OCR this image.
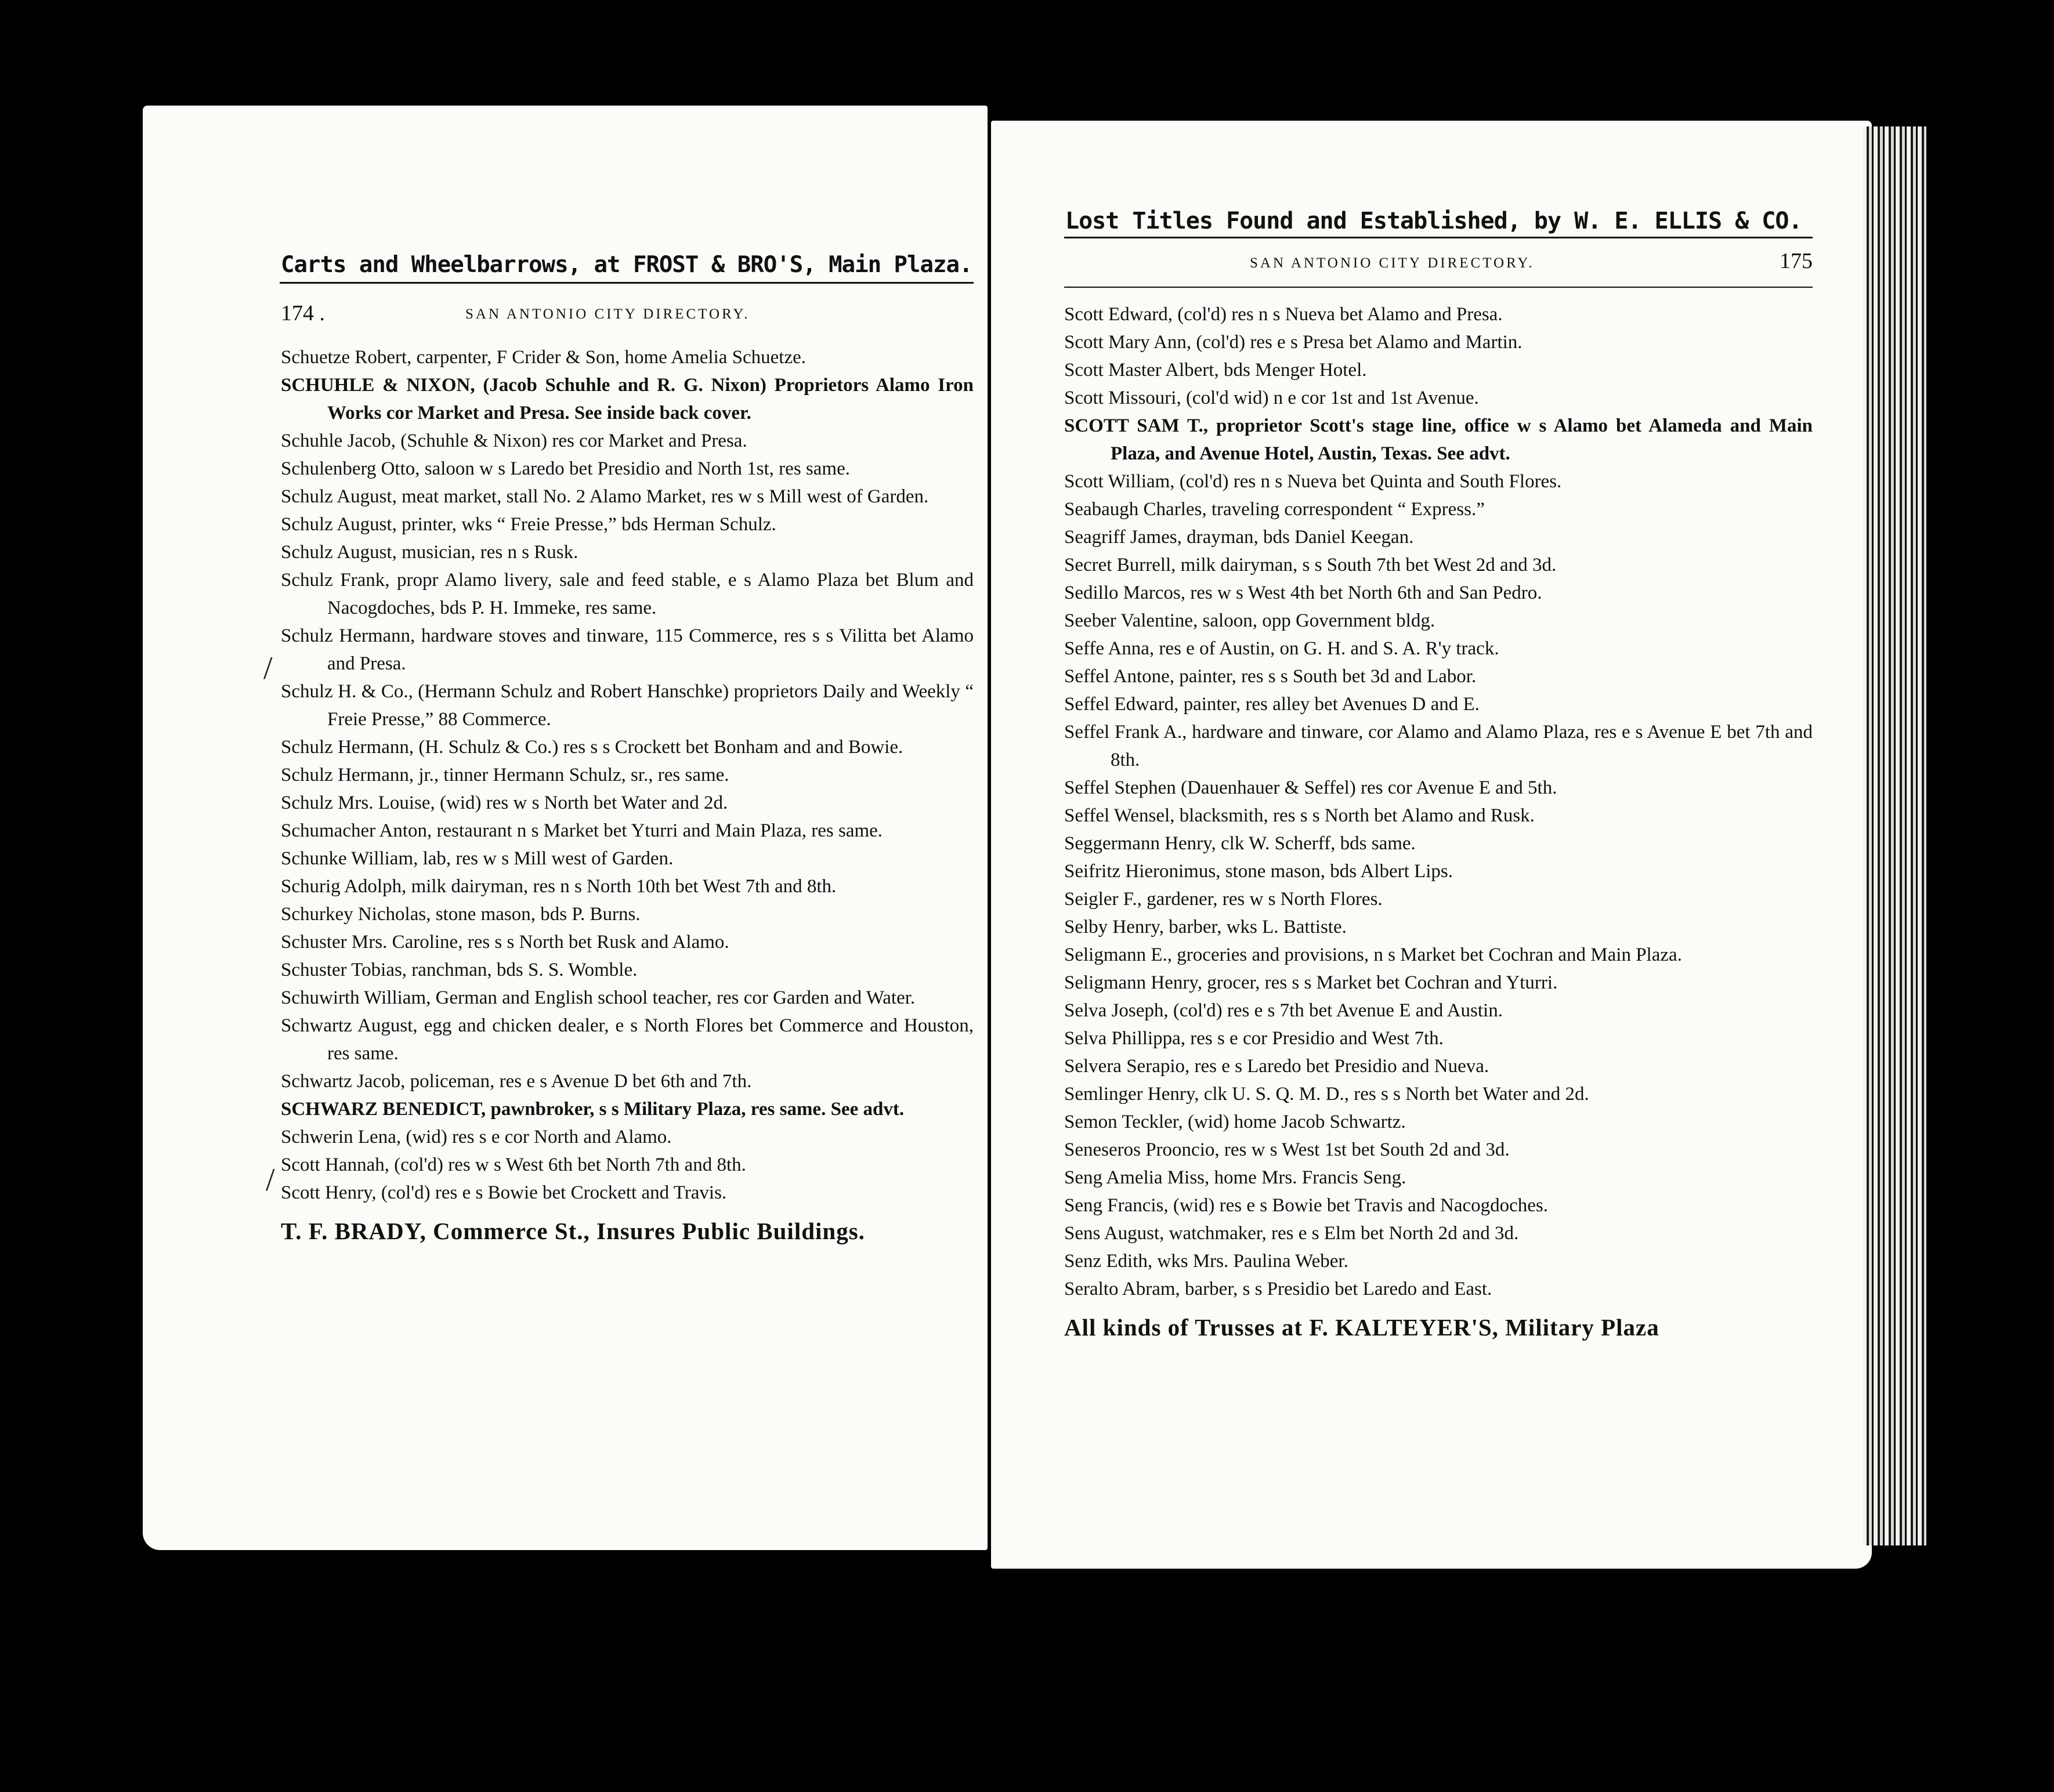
Carts and Wheelbarrows, at FROST & BRO'S, Main Plaza.
174 .	SAN ANTONIO CITY DIRECTORY.
Schuetze Robert, carpenter, F Crider & Son, home Amelia Schuetze.
SCHUHLE & NIXON, (Jacob Schuhle and R. G. Nixon) Proprietors Alamo Iron Works cor Market and Presa. See inside back cover.
Schuhle Jacob, (Schuhle & Nixon) res cor Market and Presa.
Schulenberg Otto, saloon w s Laredo bet Presidio and North 1st, res same.
Schulz August, meat market, stall No. 2 Alamo Market, res w s Mill west of Garden.
Schulz August, printer, wks “ Freie Presse,” bds Herman Schulz.
Schulz August, musician, res n s Rusk.
Schulz Frank, propr Alamo livery, sale and feed stable, e s Alamo Plaza bet Blum and Nacogdoches, bds P. H. Immeke, res same.
Schulz Hermann, hardware stoves and tinware, 115 Commerce, res s s Vilitta bet Alamo and Presa.
Schulz H. & Co., (Hermann Schulz and Robert Hanschke) proprietors Daily and Weekly “ Freie Presse,” 88 Commerce.
Schulz Hermann, (H. Schulz & Co.) res s s Crockett bet Bonham and and Bowie.
Schulz Hermann, jr., tinner Hermann Schulz, sr., res same.
Schulz Mrs. Louise, (wid) res w s North bet Water and 2d.
Schumacher Anton, restaurant n s Market bet Yturri and Main Plaza, res same.
Schunke William, lab, res w s Mill west of Garden.
Schurig Adolph, milk dairyman, res n s North 10th bet West 7th and 8th.
Schurkey Nicholas, stone mason, bds P. Burns.
Schuster Mrs. Caroline, res s s North bet Rusk and Alamo.
Schuster Tobias, ranchman, bds S. S. Womble.
Schuwirth William, German and English school teacher, res cor Garden and Water.
Schwartz August, egg and chicken dealer, e s North Flores bet Commerce and Houston, res same.
Schwartz Jacob, policeman, res e s Avenue D bet 6th and 7th.
SCHWARZ BENEDICT, pawnbroker, s s Military Plaza, res same. See advt.
Schwerin Lena, (wid) res s e cor North and Alamo.
Scott Hannah, (col'd) res w s West 6th bet North 7th and 8th.
Scott Henry, (col'd) res e s Bowie bet Crockett and Travis.
T. F. BRADY, Commerce St., Insures Public Buildings.
/
/
Lost Titles Found and Established, by W. E. ELLIS & CO.
SAN ANTONIO CITY DIRECTORY.	175
Scott Edward, (col'd) res n s Nueva bet Alamo and Presa.
Scott Mary Ann, (col'd) res e s Presa bet Alamo and Martin.
Scott Master Albert, bds Menger Hotel.
Scott Missouri, (col'd wid) n e cor 1st and 1st Avenue.
SCOTT SAM T., proprietor Scott's stage line, office w s Alamo bet Alameda and Main Plaza, and Avenue Hotel, Austin, Texas. See advt.
Scott William, (col'd) res n s Nueva bet Quinta and South Flores.
Seabaugh Charles, traveling correspondent “ Express.”
Seagriff James, drayman, bds Daniel Keegan.
Secret Burrell, milk dairyman, s s South 7th bet West 2d and 3d.
Sedillo Marcos, res w s West 4th bet North 6th and San Pedro.
Seeber Valentine, saloon, opp Government bldg.
Seffe Anna, res e of Austin, on G. H. and S. A. R'y track.
Seffel Antone, painter, res s s South bet 3d and Labor.
Seffel Edward, painter, res alley bet Avenues D and E.
Seffel Frank A., hardware and tinware, cor Alamo and Alamo Plaza, res e s Avenue E bet 7th and 8th.
Seffel Stephen (Dauenhauer & Seffel) res cor Avenue E and 5th.
Seffel Wensel, blacksmith, res s s North bet Alamo and Rusk.
Seggermann Henry, clk W. Scherff, bds same.
Seifritz Hieronimus, stone mason, bds Albert Lips.
Seigler F., gardener, res w s North Flores.
Selby Henry, barber, wks L. Battiste.
Seligmann E., groceries and provisions, n s Market bet Cochran and Main Plaza.
Seligmann Henry, grocer, res s s Market bet Cochran and Yturri.
Selva Joseph, (col'd) res e s 7th bet Avenue E and Austin.
Selva Phillippa, res s e cor Presidio and West 7th.
Selvera Serapio, res e s Laredo bet Presidio and Nueva.
Semlinger Henry, clk U. S. Q. M. D., res s s North bet Water and 2d.
Semon Teckler, (wid) home Jacob Schwartz.
Seneseros Prooncio, res w s West 1st bet South 2d and 3d.
Seng Amelia Miss, home Mrs. Francis Seng.
Seng Francis, (wid) res e s Bowie bet Travis and Nacogdoches.
Sens August, watchmaker, res e s Elm bet North 2d and 3d.
Senz Edith, wks Mrs. Paulina Weber.
Seralto Abram, barber, s s Presidio bet Laredo and East.
All kinds of Trusses at F. KALTEYER'S, Military Plaza
